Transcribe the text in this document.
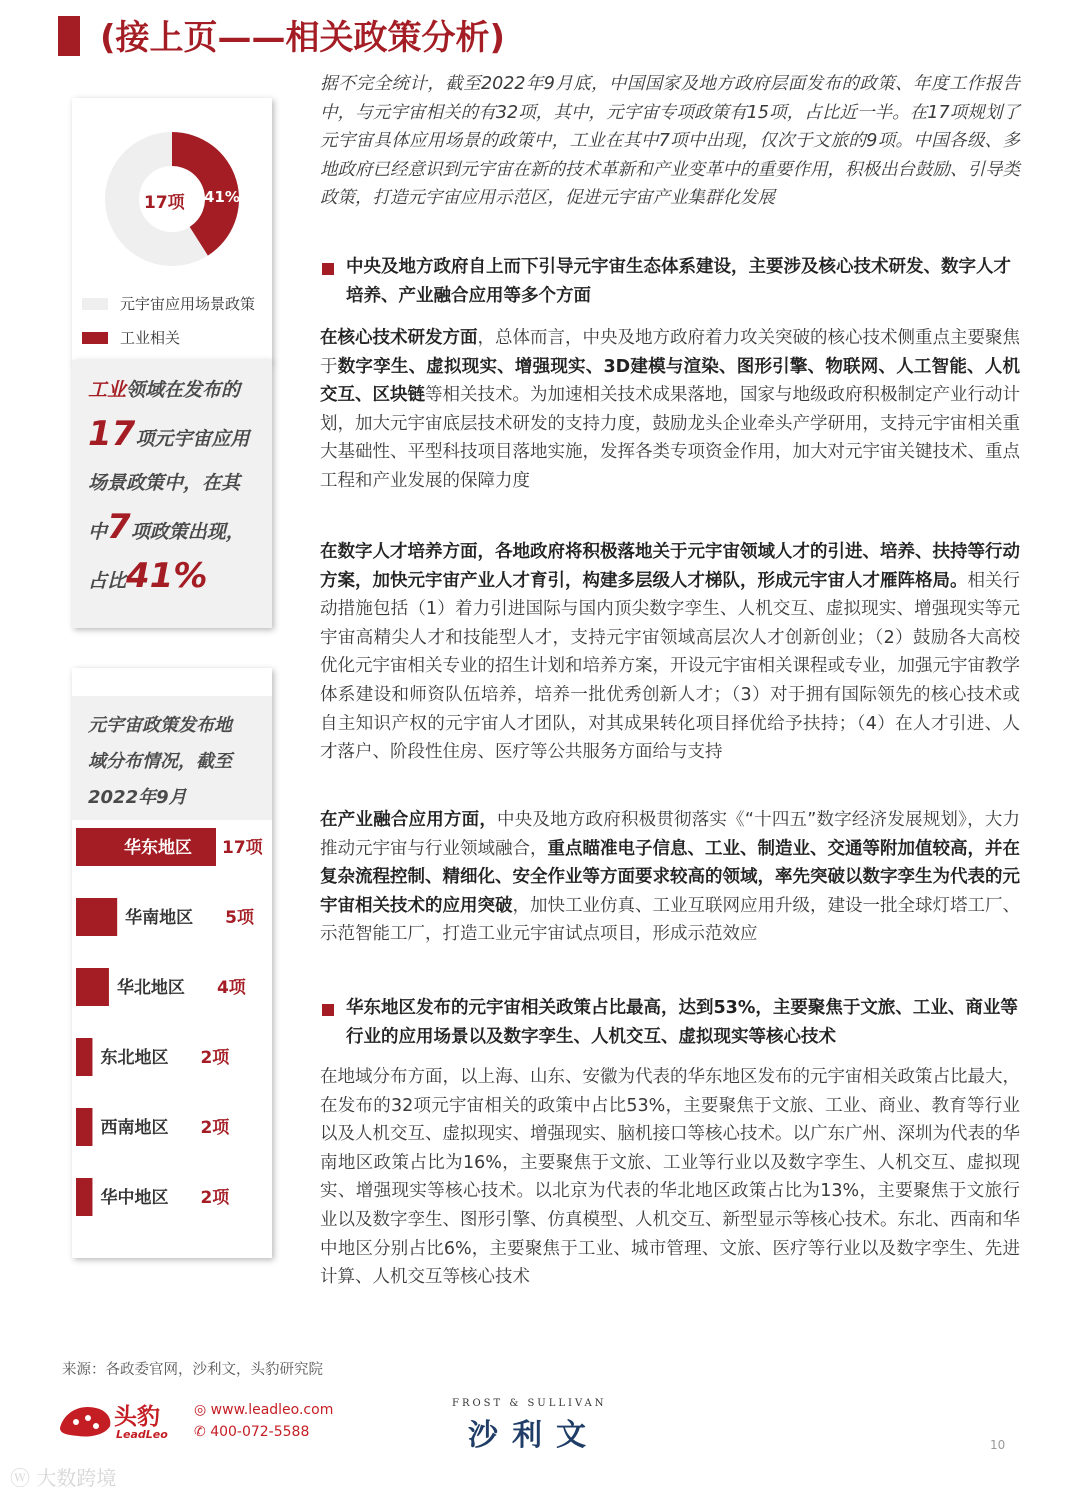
(接上页——相关政策分析)
17项 41%
元宇宙应用场景政策
工业相关
工业领域在发布的
17项元宇宙应用
场景政策中，在其
中7项政策出现，
占比41%
元宇宙政策发布地
域分布情况，截至
2022年9月
华东地区 17项
华南地区 5项
华北地区 4项
东北地区 2项
西南地区 2项
华中地区 2项
据不完全统计，截至2022年9月底，中国国家及地方政府层面发布的政策、年度工作报告中，与元宇宙相关的有32项，其中，元宇宙专项政策有15项，占比近一半。在17项规划了元宇宙具体应用场景的政策中，工业在其中7项中出现，仅次于文旅的9项。中国各级、多地政府已经意识到元宇宙在新的技术革新和产业变革中的重要作用，积极出台鼓励、引导类政策，打造元宇宙应用示范区，促进元宇宙产业集群化发展
中央及地方政府自上而下引导元宇宙生态体系建设，主要涉及核心技术研发、数字人才培养、产业融合应用等多个方面
在核心技术研发方面，总体而言，中央及地方政府着力攻关突破的核心技术侧重点主要聚焦于数字孪生、虚拟现实、增强现实、3D建模与渲染、图形引擎、物联网、人工智能、人机交互、区块链等相关技术。为加速相关技术成果落地，国家与地级政府积极制定产业行动计划，加大元宇宙底层技术研发的支持力度，鼓励龙头企业牵头产学研用，支持元宇宙相关重大基础性、平型科技项目落地实施，发挥各类专项资金作用，加大对元宇宙关键技术、重点工程和产业发展的保障力度
在数字人才培养方面，各地政府将积极落地关于元宇宙领域人才的引进、培养、扶持等行动方案，加快元宇宙产业人才育引，构建多层级人才梯队，形成元宇宙人才雁阵格局。相关行动措施包括（1）着力引进国际与国内顶尖数字孪生、人机交互、虚拟现实、增强现实等元宇宙高精尖人才和技能型人才，支持元宇宙领域高层次人才创新创业；（2）鼓励各大高校优化元宇宙相关专业的招生计划和培养方案，开设元宇宙相关课程或专业，加强元宇宙教学体系建设和师资队伍培养，培养一批优秀创新人才；（3）对于拥有国际领先的核心技术或自主知识产权的元宇宙人才团队，对其成果转化项目择优给予扶持；（4）在人才引进、人才落户、阶段性住房、医疗等公共服务方面给与支持
在产业融合应用方面，中央及地方政府积极贯彻落实《“十四五”数字经济发展规划》，大力推动元宇宙与行业领域融合，重点瞄准电子信息、工业、制造业、交通等附加值较高，并在复杂流程控制、精细化、安全作业等方面要求较高的领域，率先突破以数字孪生为代表的元宇宙相关技术的应用突破，加快工业仿真、工业互联网应用升级，建设一批全球灯塔工厂、示范智能工厂，打造工业元宇宙试点项目，形成示范效应
华东地区发布的元宇宙相关政策占比最高，达到53%，主要聚焦于文旅、工业、商业等行业的应用场景以及数字孪生、人机交互、虚拟现实等核心技术
在地域分布方面，以上海、山东、安徽为代表的华东地区发布的元宇宙相关政策占比最大，在发布的32项元宇宙相关的政策中占比53%，主要聚焦于文旅、工业、商业、教育等行业以及人机交互、虚拟现实、增强现实、脑机接口等核心技术。以广东广州、深圳为代表的华南地区政策占比为16%，主要聚焦于文旅、工业等行业以及数字孪生、人机交互、虚拟现实、增强现实等核心技术。以北京为代表的华北地区政策占比为13%，主要聚焦于文旅行业以及数字孪生、图形引擎、仿真模型、人机交互、新型显示等核心技术。东北、西南和华中地区分别占比6%，主要聚焦于工业、城市管理、文旅、医疗等行业以及数字孪生、先进计算、人机交互等核心技术
来源：各政委官网，沙利文，头豹研究院
头豹
LeadLeo
◎ www.leadleo.com
✆ 400-072-5588
FROST & SULLIVAN
沙利文	10
ⓦ 大数跨境
